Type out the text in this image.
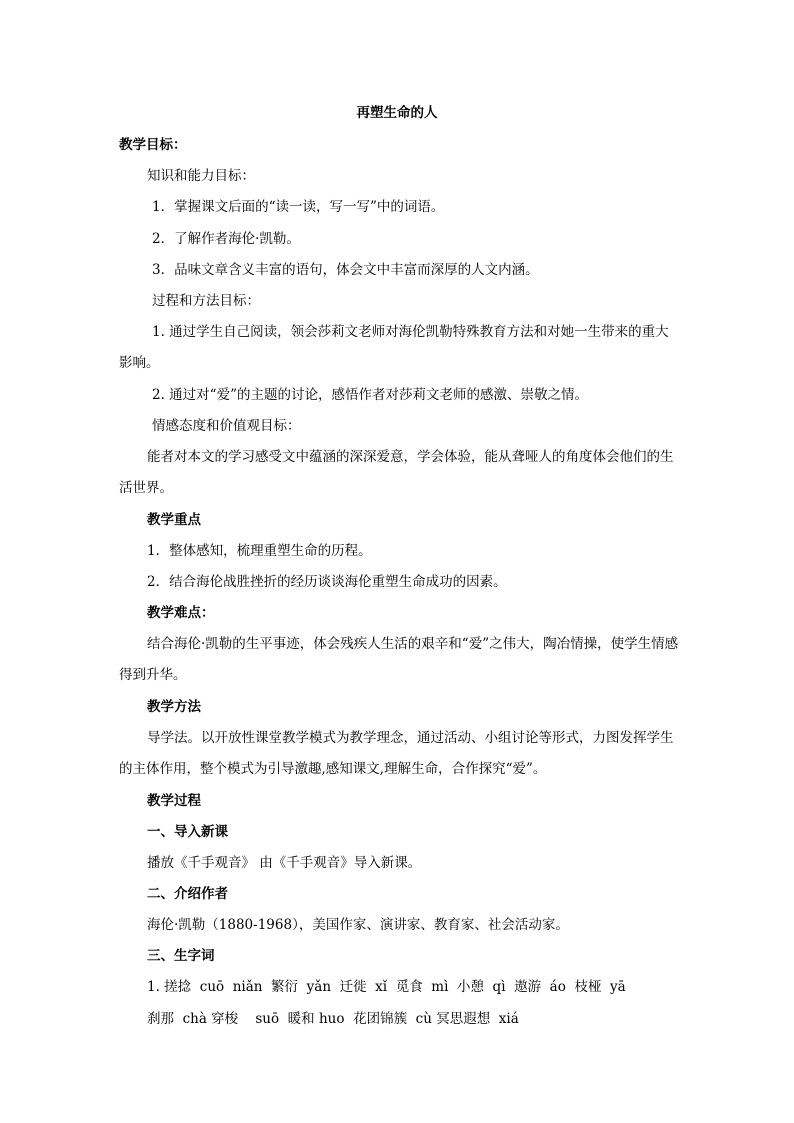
再塑生命的人
教学目标：
知识和能力目标：
1．掌握课文后面的“读一读，写一写”中的词语。
2．了解作者海伦·凯勒。
3．品味文章含义丰富的语句，体会文中丰富而深厚的人文内涵。
过程和方法目标：
1. 通过学生自己阅读，领会莎莉文老师对海伦凯勒特殊教育方法和对她一生带来的重大影响。
2. 通过对“爱”的主题的讨论，感悟作者对莎莉文老师的感激、崇敬之情。
情感态度和价值观目标：
能者对本文的学习感受文中蕴涵的深深爱意，学会体验，能从聋哑人的角度体会他们的生活世界。
教学重点
1．整体感知，梳理重塑生命的历程。
2．结合海伦战胜挫折的经历谈谈海伦重塑生命成功的因素。
教学难点：
结合海伦·凯勒的生平事迹，体会残疾人生活的艰辛和“爱”之伟大，陶冶情操，使学生情感得到升华。
教学方法
导学法。以开放性课堂教学模式为教学理念，通过活动、小组讨论等形式，力图发挥学生的主体作用，整个模式为引导激趣,感知课文,理解生命，合作探究“爱”。
教学过程
一、导入新课
播放《千手观音》 由《千手观音》导入新课。
二、介绍作者
海伦·凯勒（1880-1968），美国作家、演讲家、教育家、社会活动家。
三、生字词
1. 搓捻  cuō  niǎn  繁衍  yǎn  迁徙  xǐ  觅食  mì  小憩  qì  遨游  áo  枝桠  yā
刹那  chà 穿梭    suō  暖和 huo  花团锦簇  cù 冥思遐想  xiá
